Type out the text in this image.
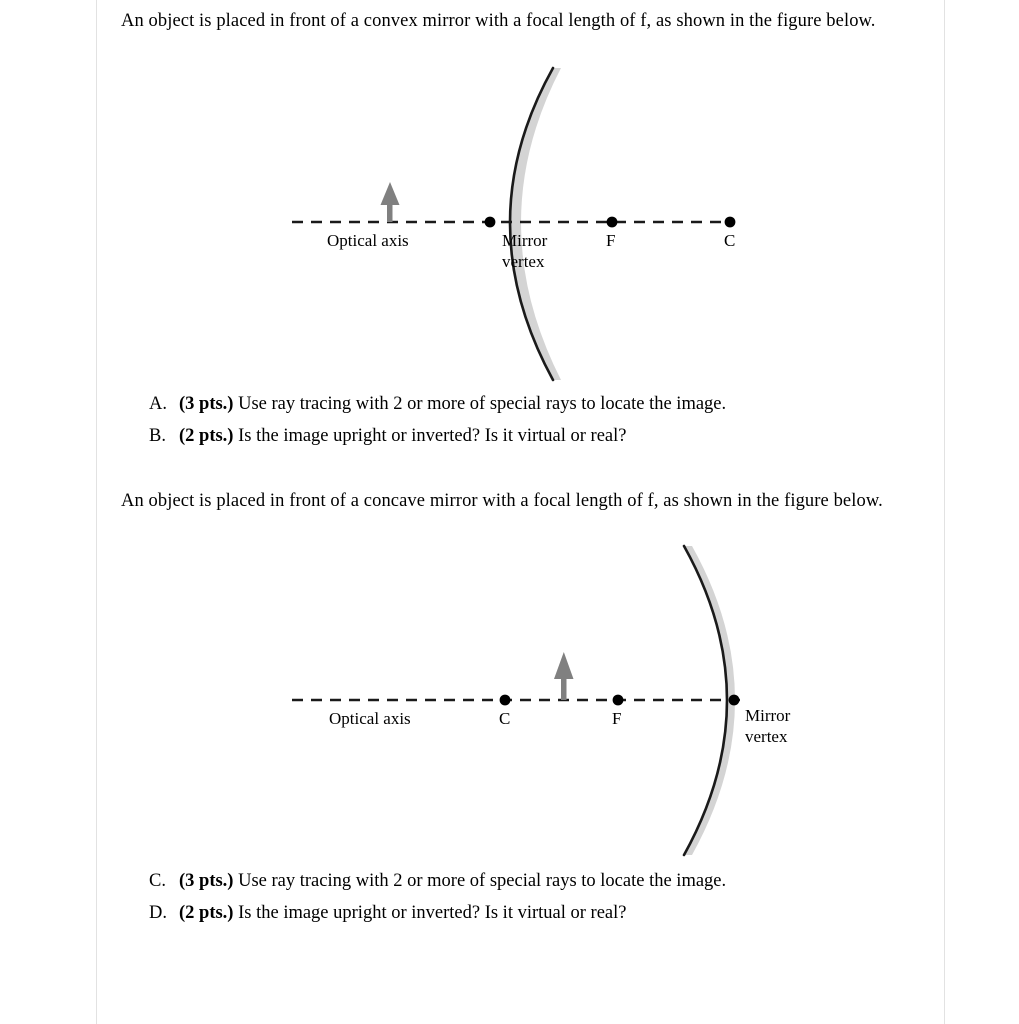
An object is placed in front of a convex mirror with a focal length of f, as shown in the figure below.
Optical axis	Mirror
vertex
F	C
A. (3 pts.) Use ray tracing with 2 or more of special rays to locate the image.
B. (2 pts.) Is the image upright or inverted? Is it virtual or real?
An object is placed in front of a concave mirror with a focal length of f, as shown in the figure below.
Optical axis	C	F	Mirror
vertex
C. (3 pts.) Use ray tracing with 2 or more of special rays to locate the image.
D. (2 pts.) Is the image upright or inverted? Is it virtual or real?
